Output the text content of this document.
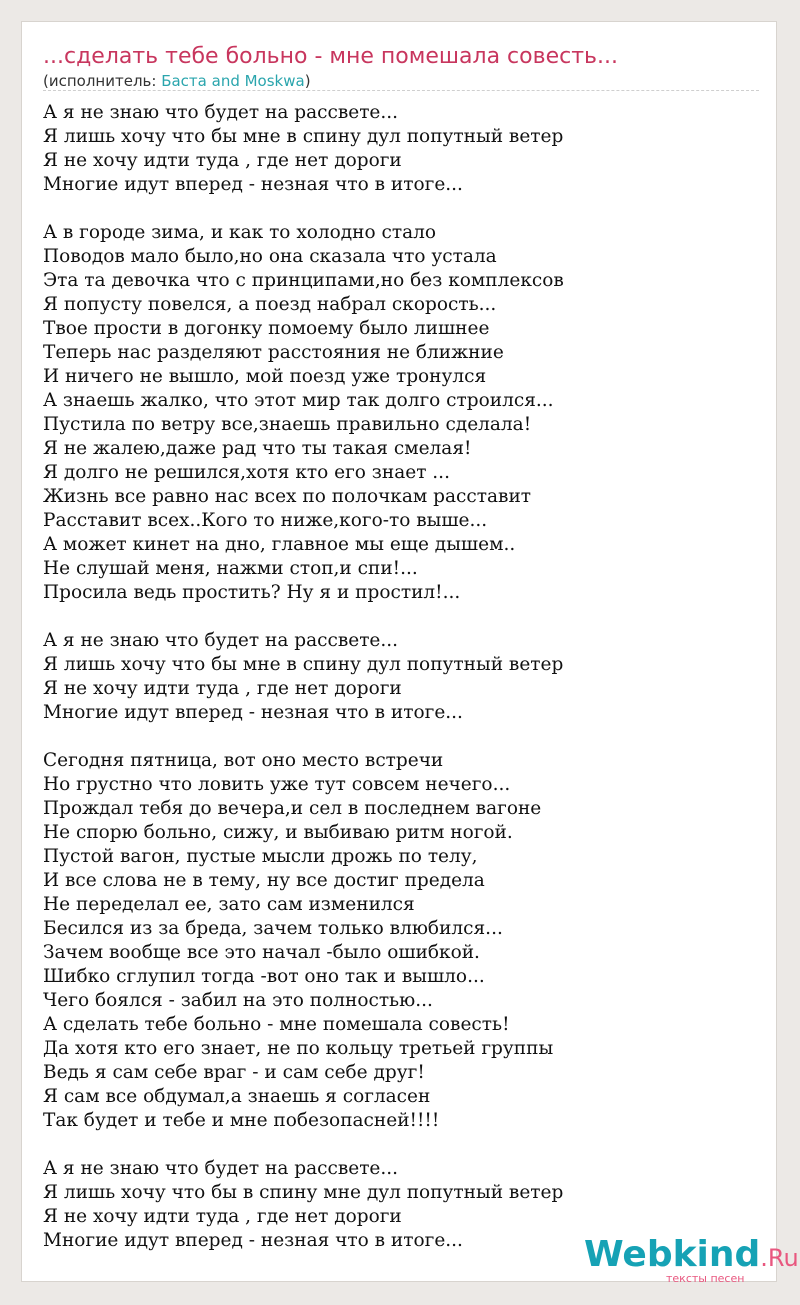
...сделать тебе больно - мне помешала совесть...
(исполнитель: Баста and Moskwa)
А я не знаю что будет на рассвете...
Я лишь хочу что бы мне в спину дул попутный ветер
Я не хочу идти туда , где нет дороги
Многие идут вперед - незная что в итоге...
А в городе зима, и как то холодно стало
Поводов мало было,но она сказала что устала
Эта та девочка что с принципами,но без комплексов
Я попусту повелся, а поезд набрал скорость...
Твое прости в догонку помоему было лишнее
Теперь нас разделяют расстояния не ближние
И ничего не вышло, мой поезд уже тронулся
А знаешь жалко, что этот мир так долго строился...
Пустила по ветру все,знаешь правильно сделала!
Я не жалею,даже рад что ты такая смелая!
Я долго не решился,хотя кто его знает ...
Жизнь все равно нас всех по полочкам расставит
Расставит всех..Кого то ниже,кого-то выше...
А может кинет на дно, главное мы еще дышем..
Не слушай меня, нажми стоп,и спи!...
Просила ведь простить? Ну я и простил!...
А я не знаю что будет на рассвете...
Я лишь хочу что бы мне в спину дул попутный ветер
Я не хочу идти туда , где нет дороги
Многие идут вперед - незная что в итоге...
Сегодня пятница, вот оно место встречи
Но грустно что ловить уже тут совсем нечего...
Прождал тебя до вечера,и сел в последнем вагоне
Не спорю больно, сижу, и выбиваю ритм ногой.
Пустой вагон, пустые мысли дрожь по телу,
И все слова не в тему, ну все достиг предела
Не переделал ее, зато сам изменился
Бесился из за бреда, зачем только влюбился...
Зачем вообще все это начал -было ошибкой.
Шибко сглупил тогда -вот оно так и вышло...
Чего боялся - забил на это полностью...
А сделать тебе больно - мне помешала совесть!
Да хотя кто его знает, не по кольцу третьей группы
Ведь я сам себе враг - и сам себе друг!
Я сам все обдумал,а знаешь я согласен
Так будет и тебе и мне побезопасней!!!!
А я не знаю что будет на рассвете...
Я лишь хочу что бы в спину мне дул попутный ветер
Я не хочу идти туда , где нет дороги
Многие идут вперед - незная что в итоге...	Webkind.Ru
тексты песен
